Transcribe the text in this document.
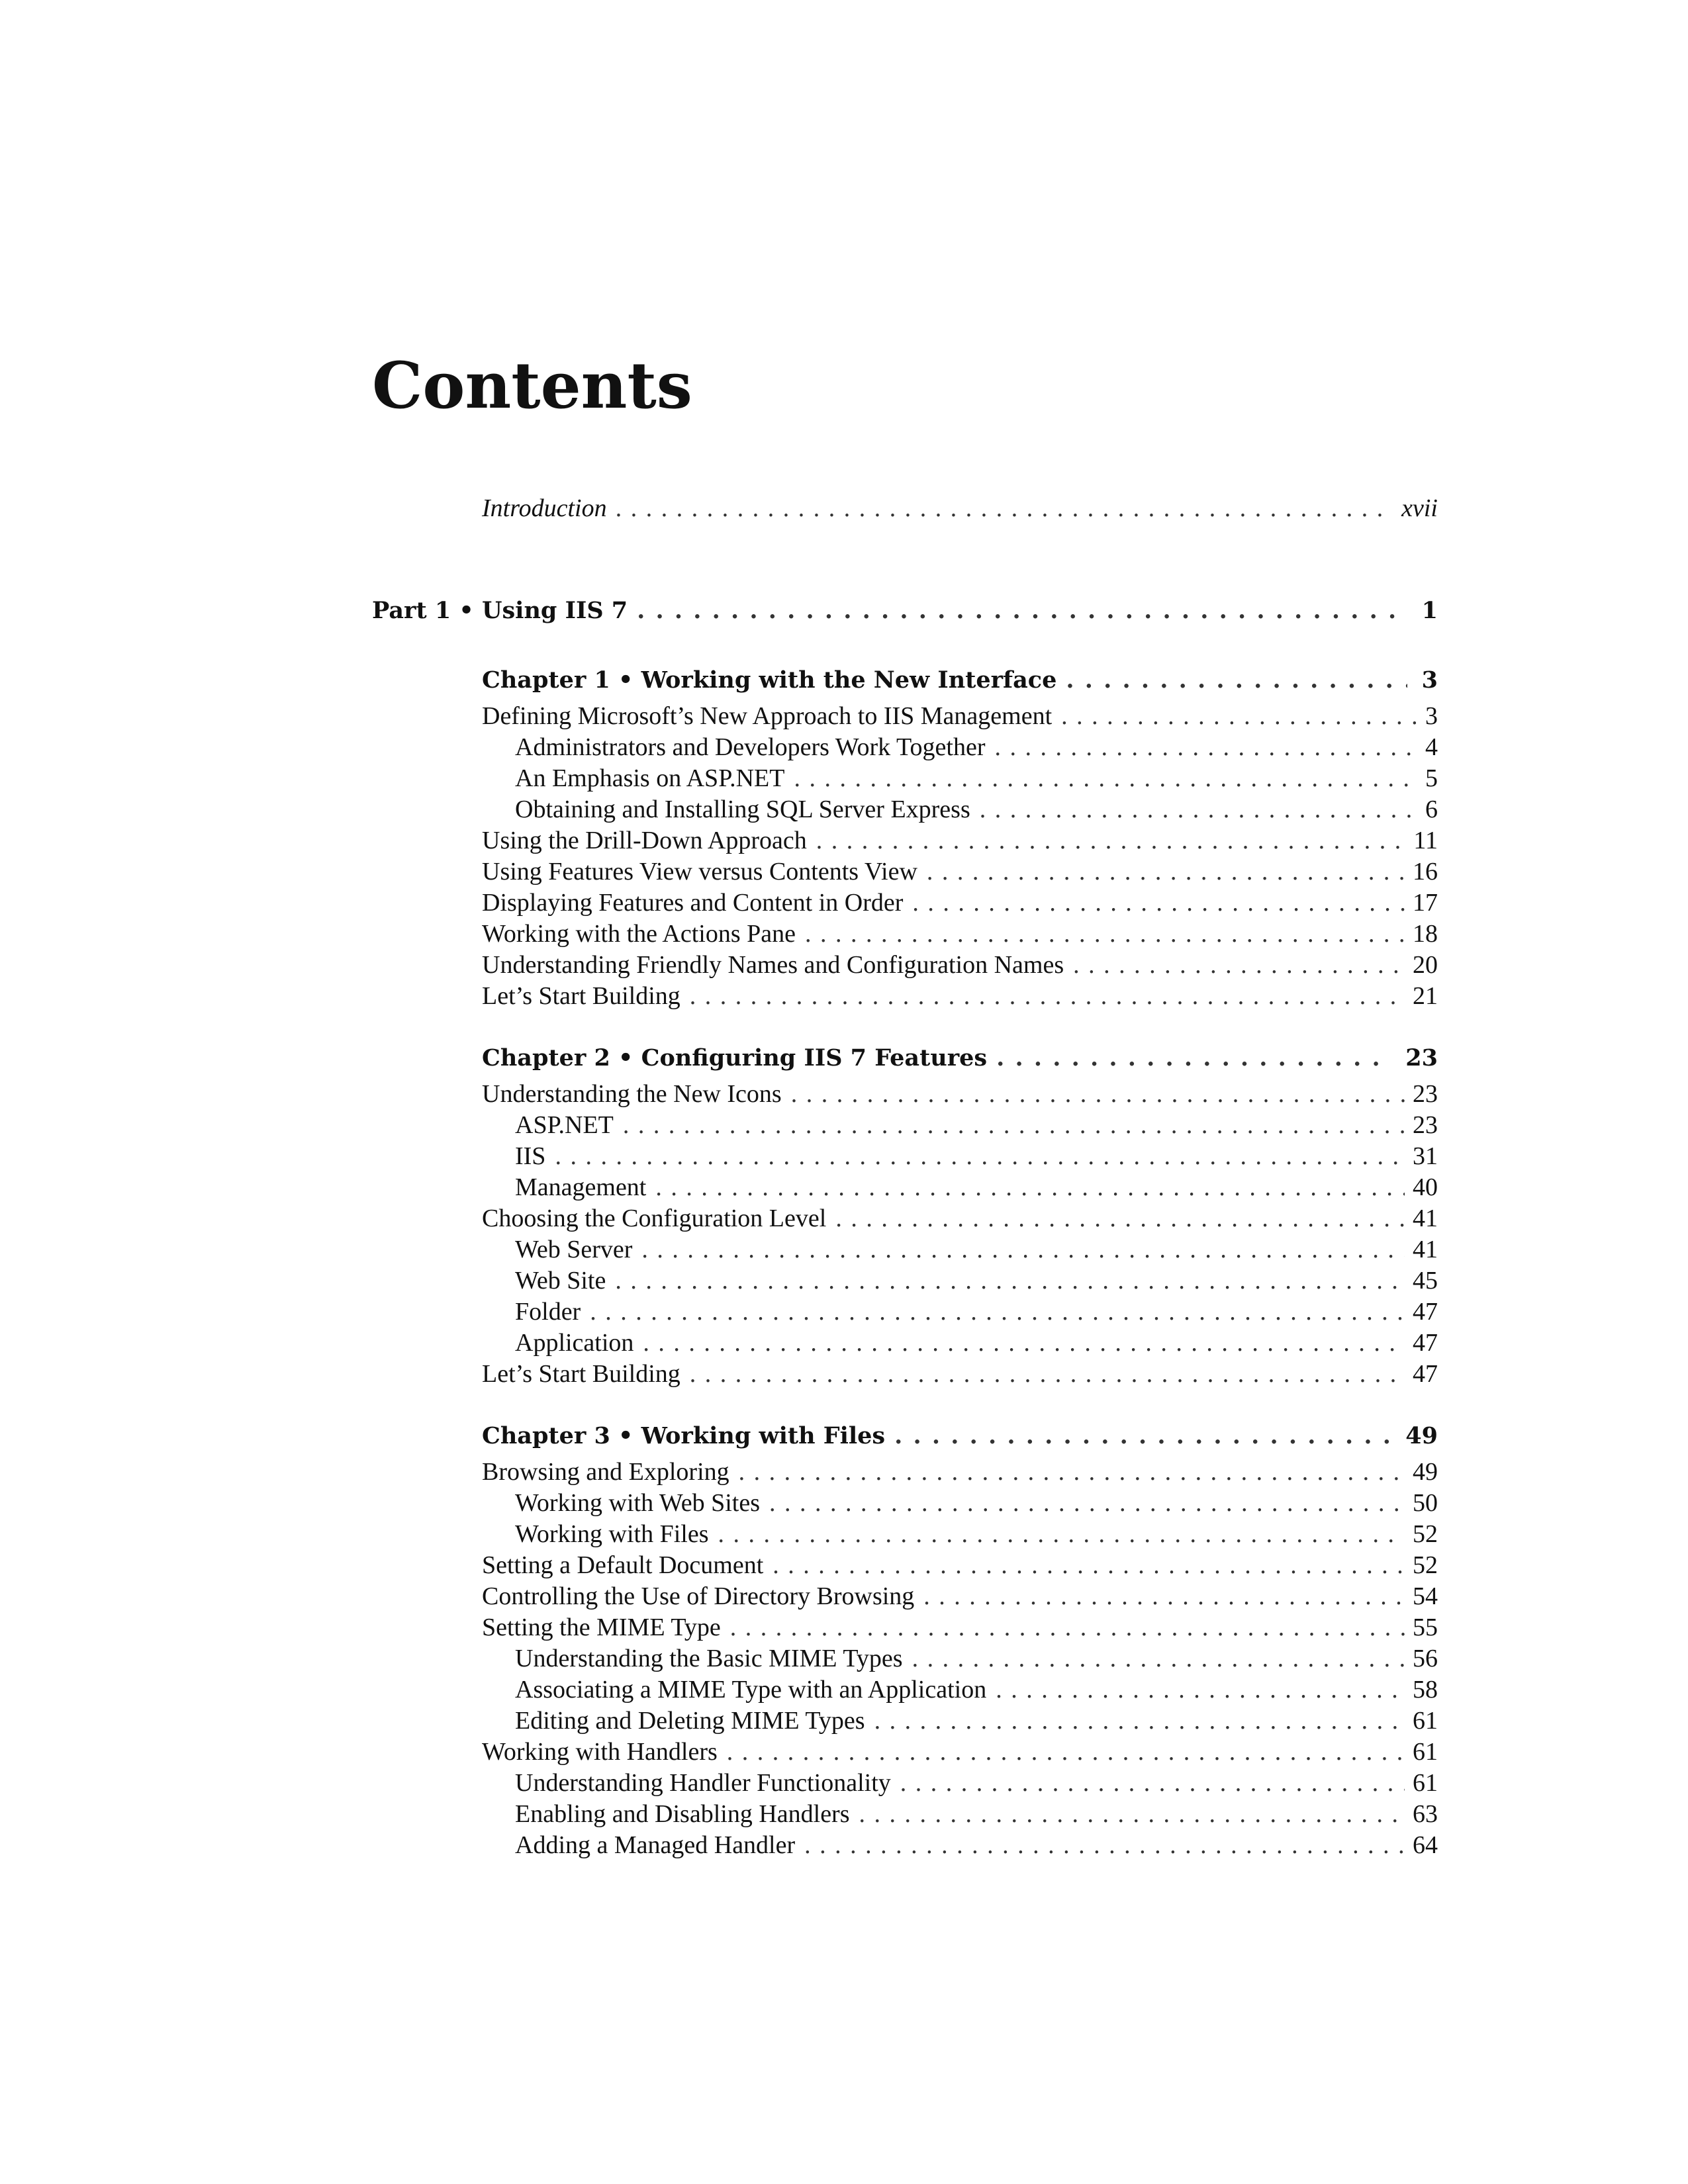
Contents
Introduction . . .	xvii
Part 1 • Using IIS 7 . . .	1
Chapter 1 • Working with the New Interface . . .	3
Defining Microsoft’s New Approach to IIS Management . . .	3
Administrators and Developers Work Together . . .	4
An Emphasis on ASP.NET . . .	5
Obtaining and Installing SQL Server Express . . .	6
Using the Drill-Down Approach . . .	11
Using Features View versus Contents View . . .	16
Displaying Features and Content in Order . . .	17
Working with the Actions Pane . . .	18
Understanding Friendly Names and Configuration Names . . .	20
Let’s Start Building . . .	21
Chapter 2 • Configuring IIS 7 Features . . .	23
Understanding the New Icons . . .	23
ASP.NET . . .	23
IIS . . .	31
Management . . .	40
Choosing the Configuration Level . . .	41
Web Server . . .	41
Web Site . . .	45
Folder . . .	47
Application . . .	47
Let’s Start Building . . .	47
Chapter 3 • Working with Files . . .	49
Browsing and Exploring . . .	49
Working with Web Sites . . .	50
Working with Files . . .	52
Setting a Default Document . . .	52
Controlling the Use of Directory Browsing . . .	54
Setting the MIME Type . . .	55
Understanding the Basic MIME Types . . .	56
Associating a MIME Type with an Application . . .	58
Editing and Deleting MIME Types . . .	61
Working with Handlers . . .	61
Understanding Handler Functionality . . .	61
Enabling and Disabling Handlers . . .	63
Adding a Managed Handler . . .	64
